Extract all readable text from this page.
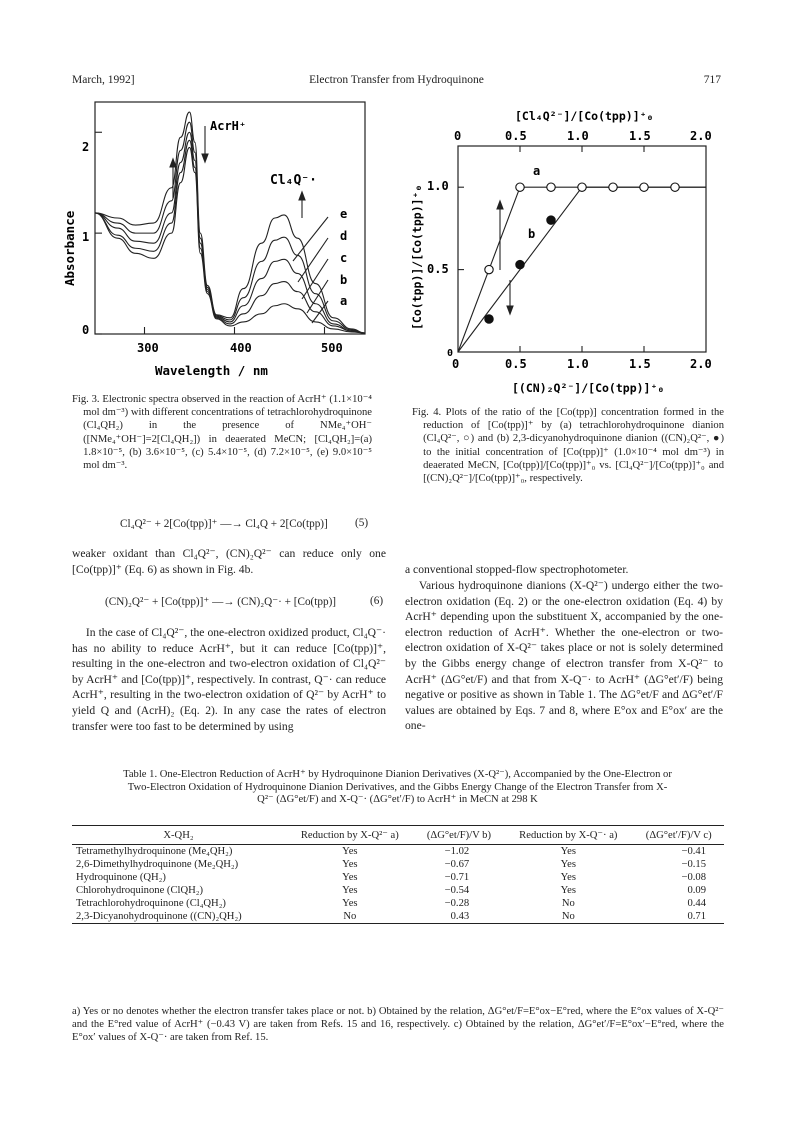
March, 1992]	Electron Transfer from Hydroquinone	717
AcrH⁺
Cl₄Q⁻·
e
d
c
b
a
2
1
0
300	400	500
Wavelength / nm
Absorbance
Fig. 3. Electronic spectra observed in the reaction of AcrH⁺ (1.1×10⁻⁴ mol dm⁻³) with different concentrations of tetrachlorohydroquinone (Cl₄QH₂) in the presence of NMe₄⁺OH⁻ ([NMe₄⁺OH⁻]=2[Cl₄QH₂]) in deaerated MeCN; [Cl₄QH₂]=(a) 1.8×10⁻⁵, (b) 3.6×10⁻⁵, (c) 5.4×10⁻⁵, (d) 7.2×10⁻⁵, (e) 9.0×10⁻⁵ mol dm⁻³.
[Cl₄Q²⁻]/[Co(tpp)]⁺₀
a
b
0	0.5	1.0	1.5	2.0
0	0.5	1.0	1.5	2.0
1.0
0.5
0
[Co(tpp)]/[Co(tpp)]⁺₀
[(CN)₂Q²⁻]/[Co(tpp)]⁺₀
Fig. 4. Plots of the ratio of the [Co(tpp)] concentration formed in the reduction of [Co(tpp)]⁺ by (a) tetrachlorohydroquinone dianion (Cl₄Q²⁻, ○) and (b) 2,3-dicyanohydroquinone dianion ((CN)₂Q²⁻, ●) to the initial concentration of [Co(tpp)]⁺ (1.0×10⁻⁴ mol dm⁻³) in deaerated MeCN, [Co(tpp)]/[Co(tpp)]⁺₀ vs. [Cl₄Q²⁻]/[Co(tpp)]⁺₀ and [(CN)₂Q²⁻]/[Co(tpp)]⁺₀, respectively.
Cl₄Q²⁻ + 2[Co(tpp)]⁺ —→ Cl₄Q + 2[Co(tpp)] (5)
weaker oxidant than Cl₄Q²⁻, (CN)₂Q²⁻ can reduce only one [Co(tpp)]⁺ (Eq. 6) as shown in Fig. 4b.
(CN)₂Q²⁻ + [Co(tpp)]⁺ —→ (CN)₂Q⁻· + [Co(tpp)]	(6)
In the case of Cl₄Q²⁻, the one-electron oxidized product, Cl₄Q⁻· has no ability to reduce AcrH⁺, but it can reduce [Co(tpp)]⁺, resulting in the one-electron and two-electron oxidation of Cl₄Q²⁻ by AcrH⁺ and [Co(tpp)]⁺, respectively. In contrast, Q⁻· can reduce AcrH⁺, resulting in the two-electron oxidation of Q²⁻ by AcrH⁺ to yield Q and (AcrH)₂ (Eq. 2). In any case the rates of electron transfer were too fast to be determined by using
a conventional stopped-flow spectrophotometer.
Various hydroquinone dianions (X-Q²⁻) undergo either the two-electron oxidation (Eq. 2) or the one-electron oxidation (Eq. 4) by AcrH⁺ depending upon the substituent X, accompanied by the one-electron reduction of AcrH⁺. Whether the one-electron or two-electron oxidation of X-Q²⁻ takes place or not is solely determined by the Gibbs energy change of electron transfer from X-Q²⁻ to AcrH⁺ (ΔG°et/F) and that from X-Q⁻· to AcrH⁺ (ΔG°et′/F) being negative or positive as shown in Table 1. The ΔG°et/F and ΔG°et′/F values are obtained by Eqs. 7 and 8, where E°ox and E°ox′ are the one-
Table 1. One-Electron Reduction of AcrH⁺ by Hydroquinone Dianion Derivatives (X-Q²⁻), Accompanied by the One-Electron or Two-Electron Oxidation of Hydroquinone Dianion Derivatives, and the Gibbs Energy Change of the Electron Transfer from X-Q²⁻ (ΔG°et/F) and X-Q⁻· (ΔG°et′/F) to AcrH⁺ in MeCN at 298 K
X-QH₂	Reduction by X-Q²⁻ a)	(ΔG°et/F)/V b)	Reduction by X-Q⁻· a)	(ΔG°et′/F)/V c)
Tetramethylhydroquinone (Me₄QH₂)	Yes	−1.02	Yes	−0.41
2,6-Dimethylhydroquinone (Me₂QH₂)	Yes	−0.67	Yes	−0.15
Hydroquinone (QH₂)	Yes	−0.71	Yes	−0.08
Chlorohydroquinone (ClQH₂)	Yes	−0.54	Yes	0.09
Tetrachlorohydroquinone (Cl₄QH₂)	Yes	−0.28	No	0.44
2,3-Dicyanohydroquinone ((CN)₂QH₂)	No	0.43	No	0.71
a) Yes or no denotes whether the electron transfer takes place or not. b) Obtained by the relation, ΔG°et/F=E°ox−E°red, where the E°ox values of X-Q²⁻ and the E°red value of AcrH⁺ (−0.43 V) are taken from Refs. 15 and 16, respectively. c) Obtained by the relation, ΔG°et′/F=E°ox′−E°red, where the E°ox′ values of X-Q⁻· are taken from Ref. 15.
